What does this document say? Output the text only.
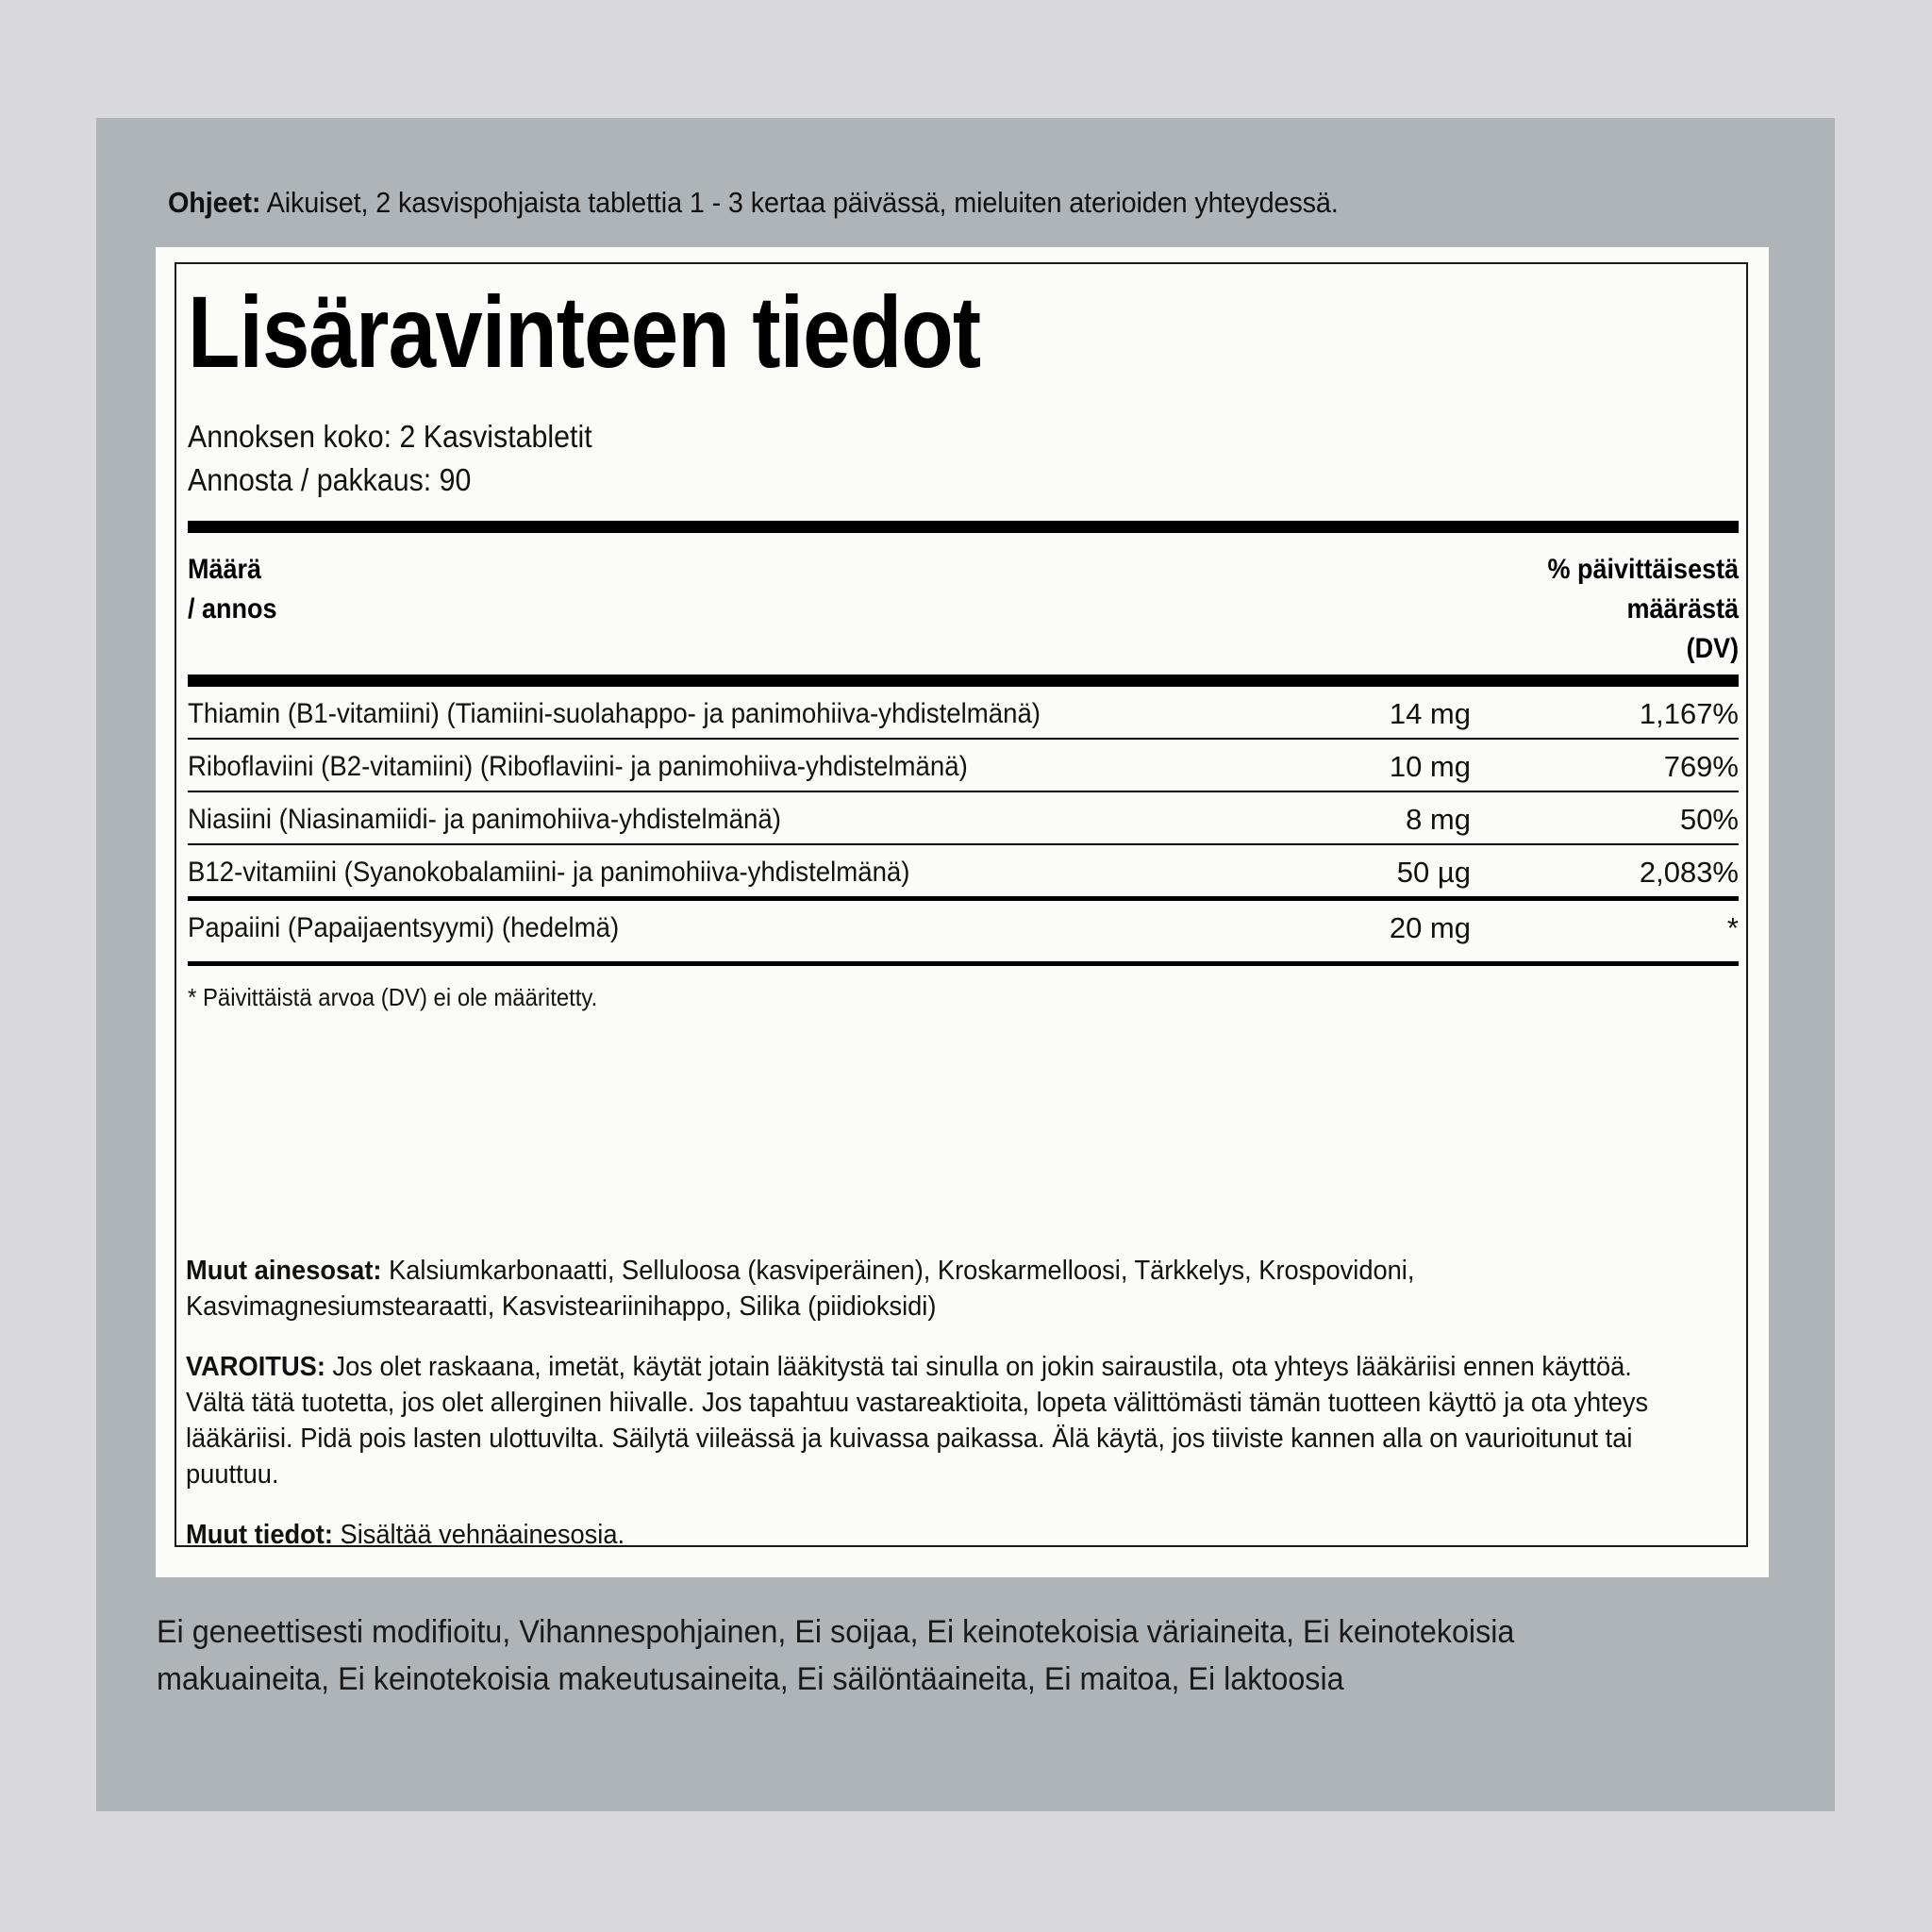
Ohjeet: Aikuiset, 2 kasvispohjaista tablettia 1 - 3 kertaa päivässä, mieluiten aterioiden yhteydessä.
Lisäravinteen tiedot
Annoksen koko: 2 Kasvistabletit
Annosta / pakkaus: 90
Määrä
/ annos
% päivittäisestä
määrästä
(DV)
Thiamin (B1-vitamiini) (Tiamiini-suolahappo- ja panimohiiva-yhdistelmänä)	14 mg	1,167%
Riboflaviini (B2-vitamiini) (Riboflaviini- ja panimohiiva-yhdistelmänä)	10 mg	769%
Niasiini (Niasinamiidi- ja panimohiiva-yhdistelmänä)	8 mg	50%
B12-vitamiini (Syanokobalamiini- ja panimohiiva-yhdistelmänä)	50 µg	2,083%
Papaiini (Papaijaentsyymi) (hedelmä)	20 mg	*
* Päivittäistä arvoa (DV) ei ole määritetty.
Muut ainesosat: Kalsiumkarbonaatti, Selluloosa (kasviperäinen), Kroskarmelloosi, Tärkkelys, Krospovidoni, Kasvimagnesiumstearaatti, Kasvisteariinihappo, Silika (piidioksidi)
VAROITUS: Jos olet raskaana, imetät, käytät jotain lääkitystä tai sinulla on jokin sairaustila, ota yhteys lääkäriisi ennen käyttöä. Vältä tätä tuotetta, jos olet allerginen hiivalle. Jos tapahtuu vastareaktioita, lopeta välittömästi tämän tuotteen käyttö ja ota yhteys lääkäriisi. Pidä pois lasten ulottuvilta. Säilytä viileässä ja kuivassa paikassa. Älä käytä, jos tiiviste kannen alla on vaurioitunut tai puuttuu.
Muut tiedot: Sisältää vehnäainesosia.
Ei geneettisesti modifioitu, Vihannespohjainen, Ei soijaa, Ei keinotekoisia väriaineita, Ei keinotekoisia makuaineita, Ei keinotekoisia makeutusaineita, Ei säilöntäaineita, Ei maitoa, Ei laktoosia
